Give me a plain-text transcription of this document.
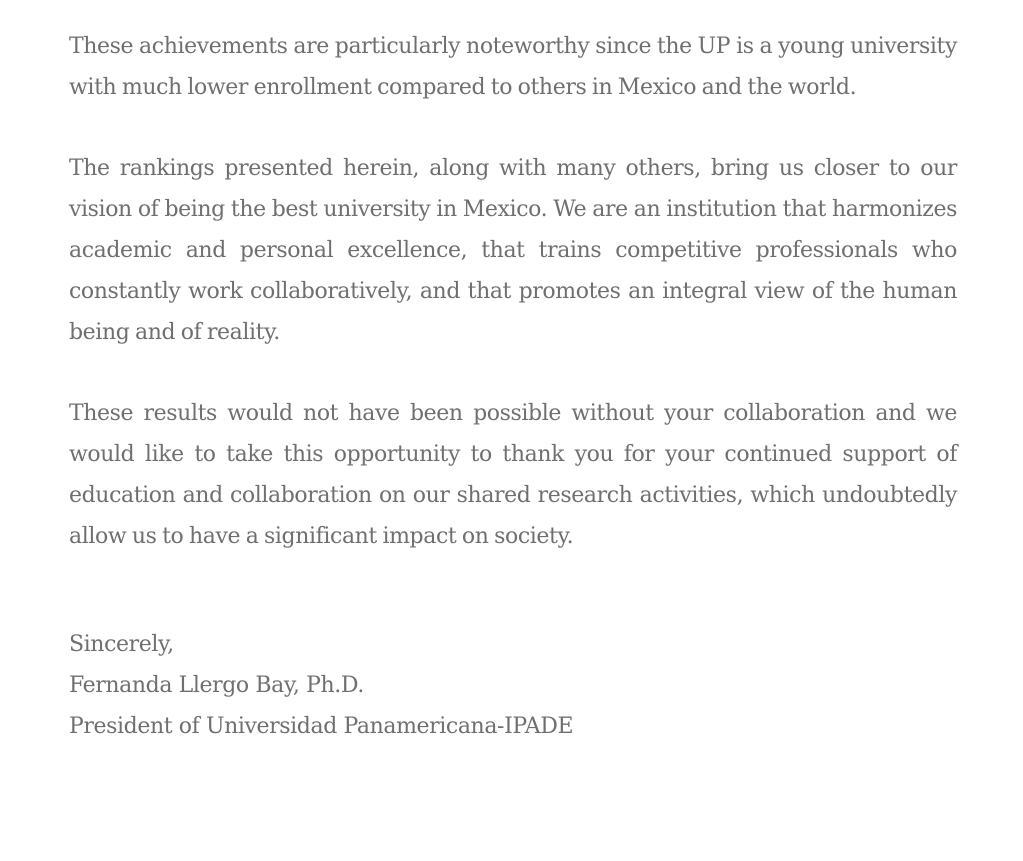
These achievements are particularly noteworthy since the UP is a young university with much lower enrollment compared to others in Mexico and the world.

The rankings presented herein, along with many others, bring us closer to our vision of being the best university in Mexico. We are an institution that harmonizes academic and personal excellence, that trains competitive professionals who constantly work collaboratively, and that promotes an integral view of the human being and of reality.

These results would not have been possible without your collaboration and we would like to take this opportunity to thank you for your continued support of education and collaboration on our shared research activities, which undoubtedly allow us to have a significant impact on society.

Sincerely,
Fernanda Llergo Bay, Ph.D.
President of Universidad Panamericana-IPADE
